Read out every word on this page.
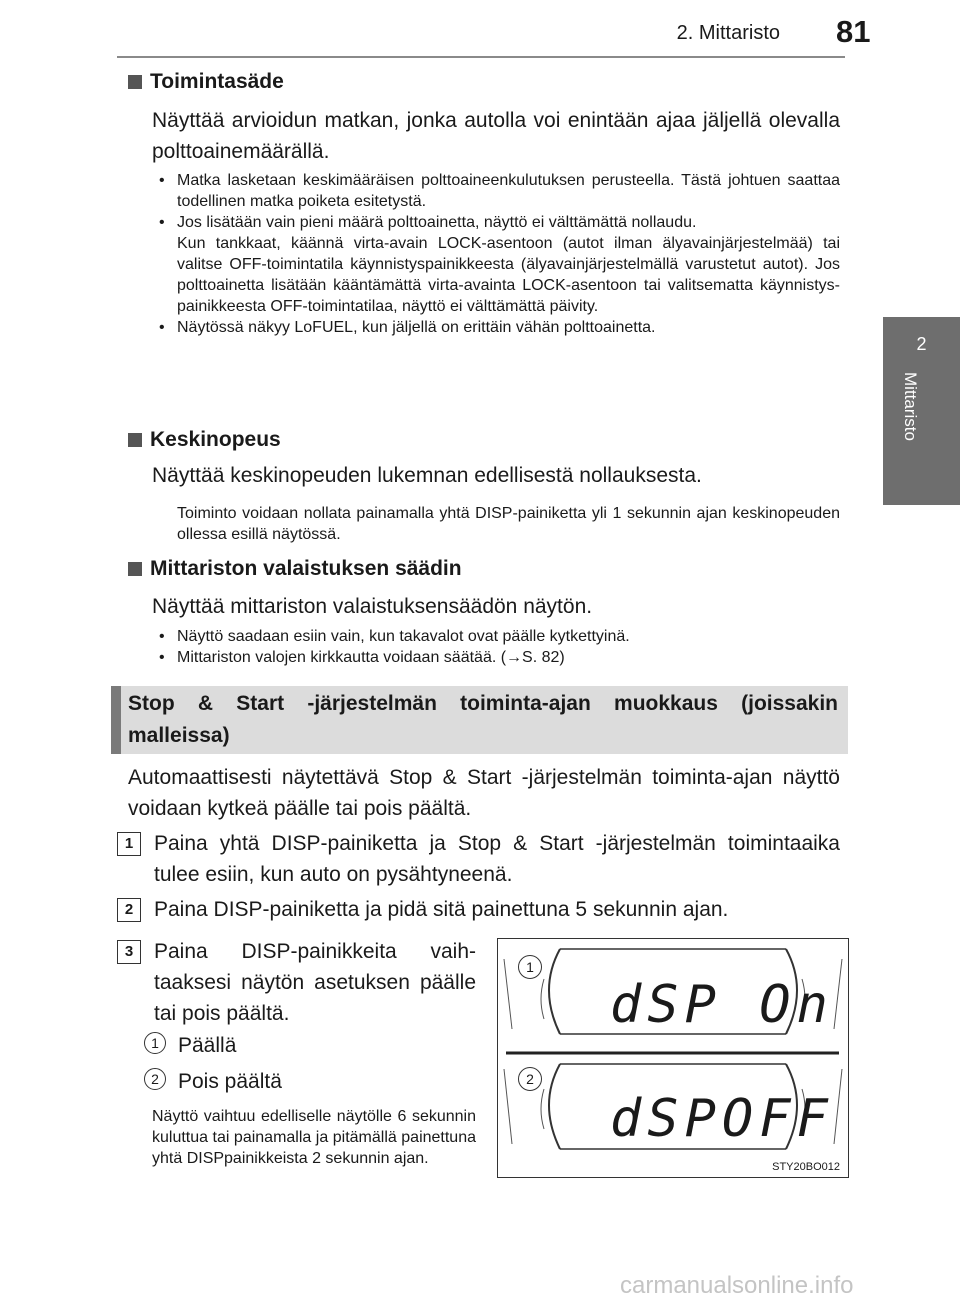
2. Mittaristo 81
2
Mittaristo
Toimintasäde
Näyttää arvioidun matkan, jonka autolla voi enintään ajaa jäljellä olevalla polttoainemäärällä.
• Matka lasketaan keskimääräisen polttoaineenkulutuksen perusteella. Tästä johtuen saattaa todellinen matka poiketa esitetystä.

• Jos lisätään vain pieni määrä polttoainetta, näyttö ei välttämättä nollaudu.

Kun tankkaat, käännä virta-avain LOCK-asentoon (autot ilman älyavainjärjestelmää) tai valitse OFF-toimintatila käynnistyspainikkeesta (älyavainjärjestelmällä varustetut autot). Jos polttoainetta lisätään kääntämättä virta-avainta LOCK-asentoon tai valitsematta käynnistyspainikkeesta OFF-toimintatilaa, näyttö ei välttämättä päivity.

• Näytössä näkyy LoFUEL, kun jäljellä on erittäin vähän polttoainetta.
Keskinopeus
Näyttää keskinopeuden lukemnan edellisestä nollauksesta.
Toiminto voidaan nollata painamalla yhtä DISP-painiketta yli 1 sekunnin ajan keskinopeuden ollessa esillä näytössä.
Mittariston valaistuksen säädin
Näyttää mittariston valaistuksensäädön näytön.
• Näyttö saadaan esiin vain, kun takavalot ovat päälle kytkettyinä.
• Mittariston valojen kirkkautta voidaan säätää. (→S. 82)
Stop & Start -järjestelmän toiminta-ajan muokkaus (joissakin malleissa)
Automaattisesti näytettävä Stop & Start -järjestelmän toiminta-ajan näyttö voidaan kytkeä päälle tai pois päältä.
1 Paina yhtä DISP-painiketta ja Stop & Start -järjestelmän toimintaaika tulee esiin, kun auto on pysähtyneenä.
2 Paina DISP-painiketta ja pidä sitä painettuna 5 sekunnin ajan.
3 Paina DISP-painikkeita vaihtaaksesi näytön asetuksen päälle tai pois päältä.
1 Päällä
2 Pois päältä
Näyttö vaihtuu edelliselle näytölle 6 sekunnin kuluttua tai painamalla ja pitämällä painettuna yhtä DISPpainikkeista 2 sekunnin ajan.
dSP On
dSPOFF
1
2
STY20BO012
carmanualsonline.info
